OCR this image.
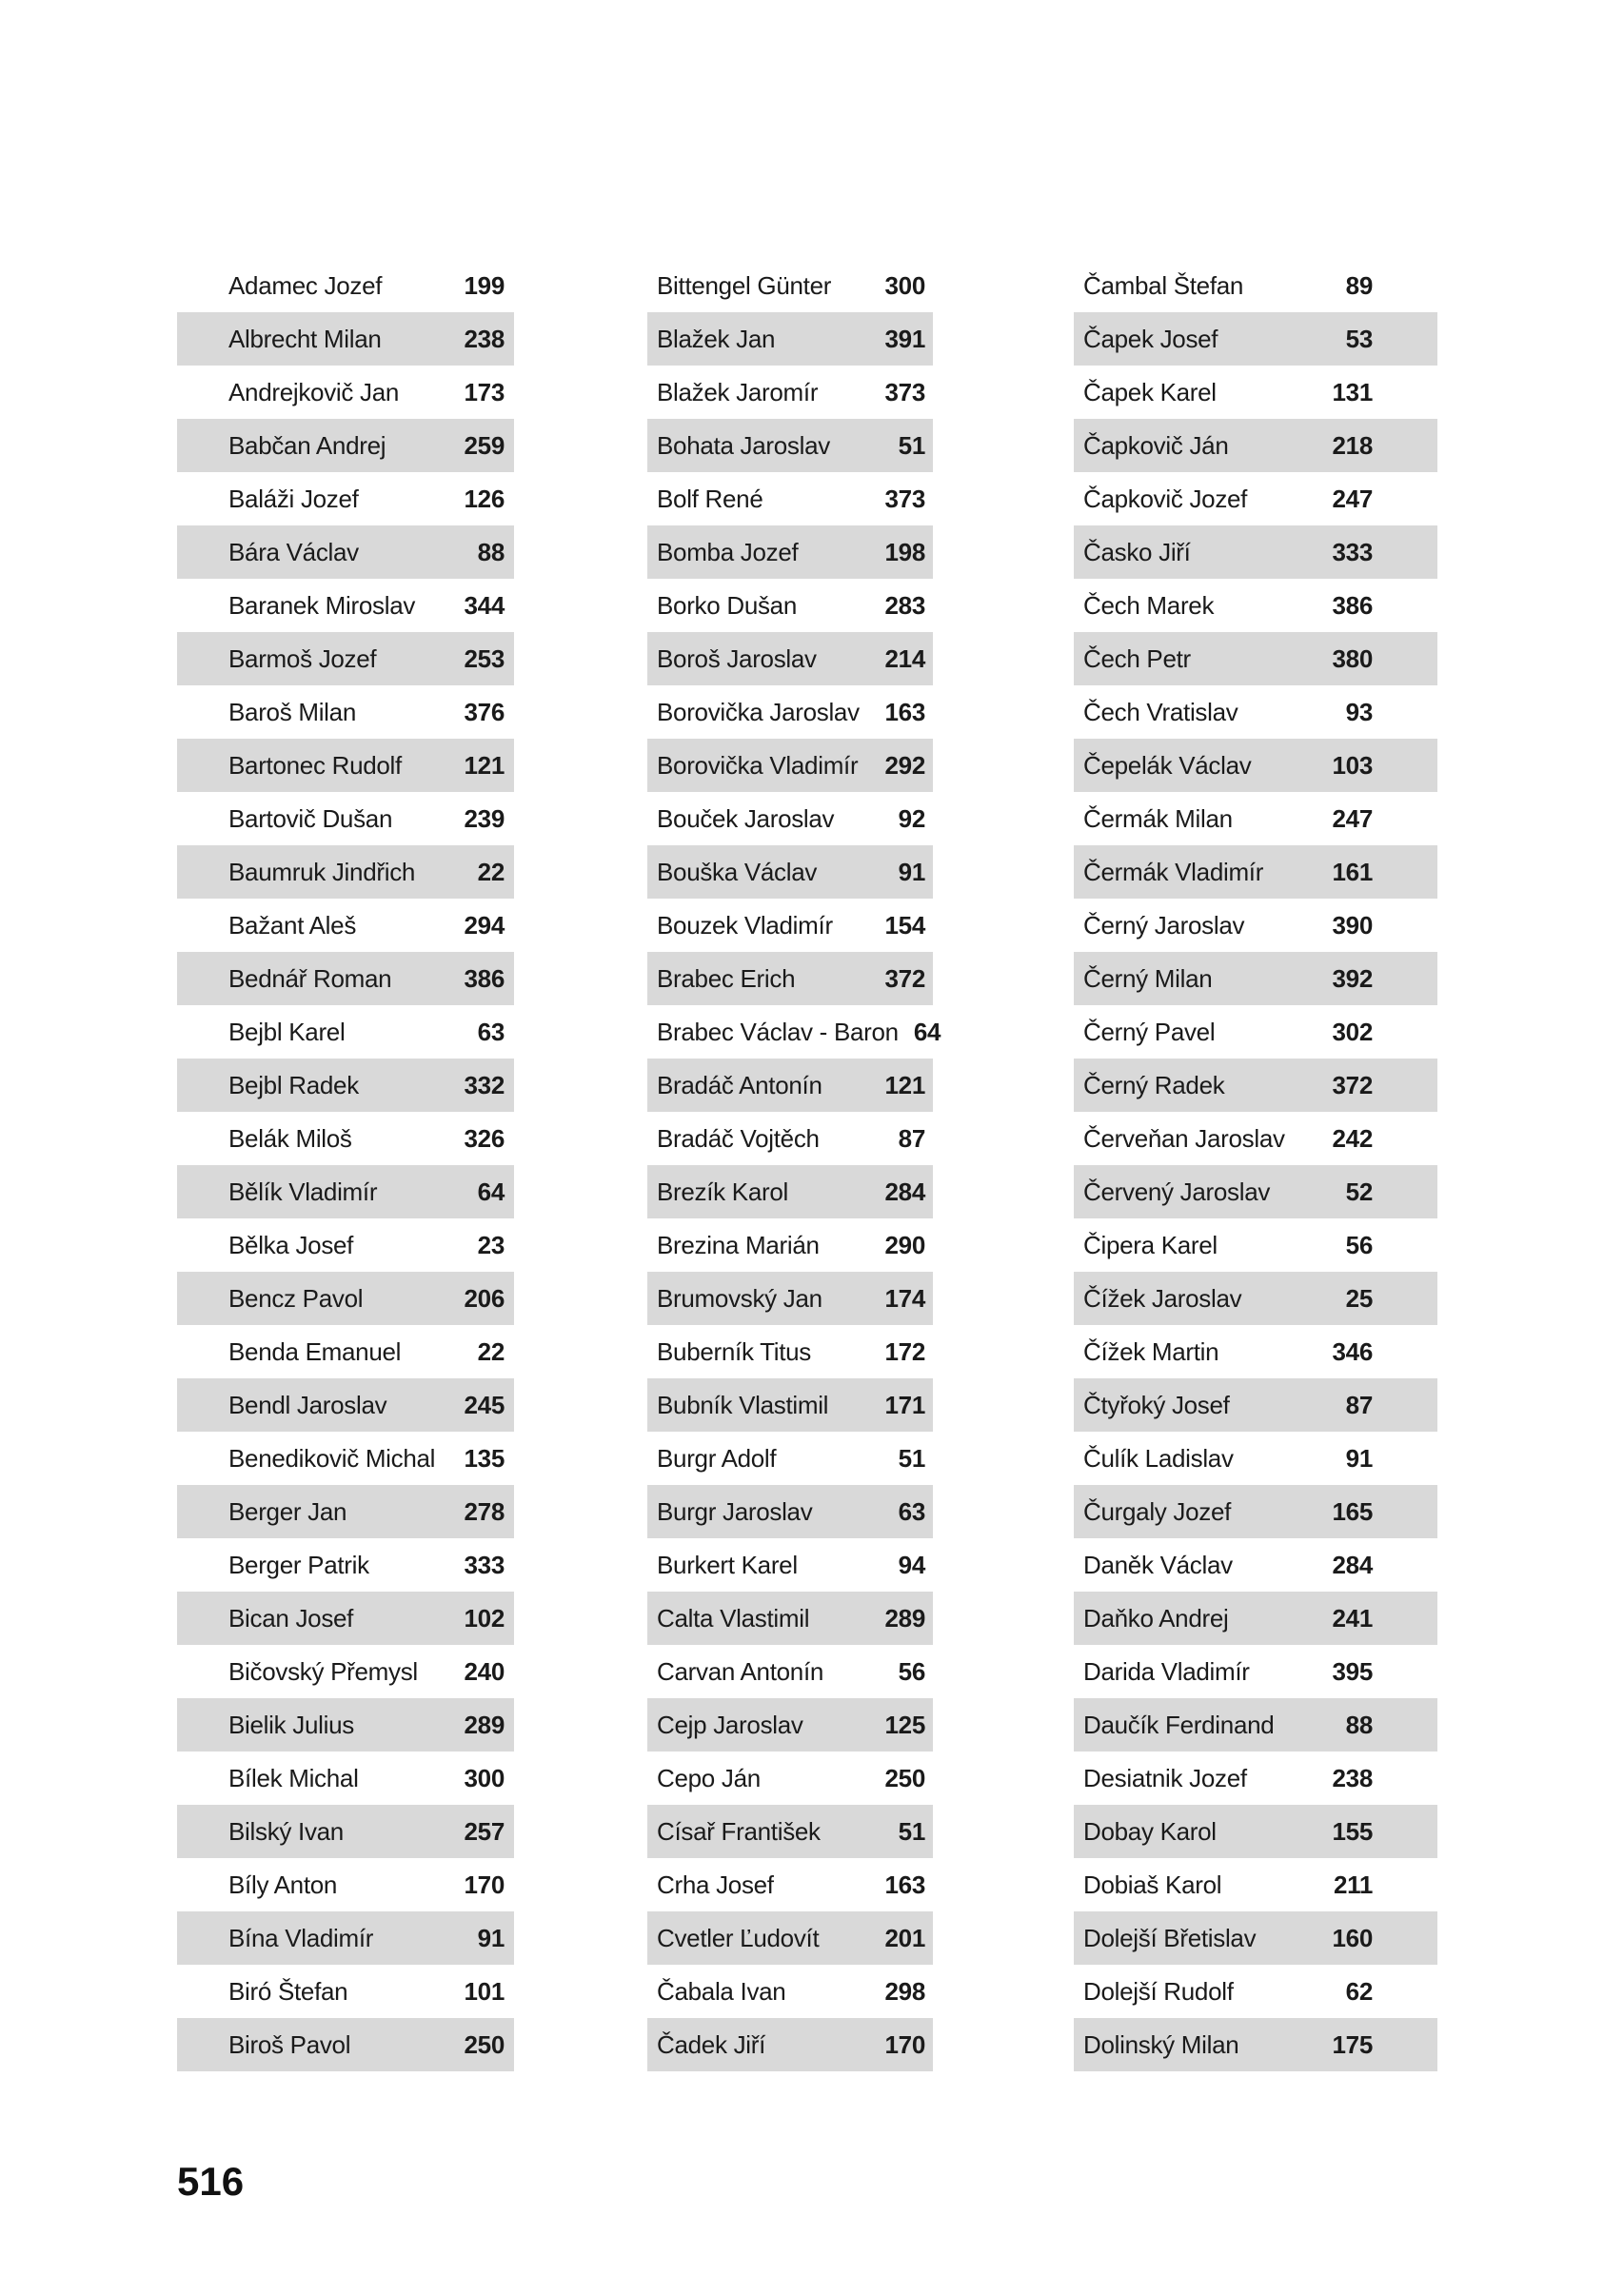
Adamec Jozef	199
Albrecht Milan	238
Andrejkovič Jan	173
Babčan Andrej	259
Baláži Jozef	126
Bára Václav	88
Baranek Miroslav 344
Barmoš Jozef	253
Baroš Milan	376
Bartonec Rudolf	121
Bartovič Dušan	239
Baumruk Jindřich	22
Bažant Aleš	294
Bednář Roman	386
Bejbl Karel	63
Bejbl Radek	332
Belák Miloš	326
Bělík Vladimír	64
Bělka Josef	23
Bencz Pavol	206
Benda Emanuel	22
Bendl Jaroslav	245
Benedikovič Michal 135
Berger Jan	278
Berger Patrik	333
Bican Josef	102
Bičovský Přemysl 240
Bielik Julius	289
Bílek Michal	300
Bilský Ivan	257
Bíly Anton	170
Bína Vladimír	91
Biró Štefan	101
Biroš Pavol	250
Bittengel Günter 300
Blažek Jan	391
Blažek Jaromír	373
Bohata Jaroslav	51
Bolf René	373
Bomba Jozef	198
Borko Dušan	283
Boroš Jaroslav	214
Borovička Jaroslav 163
Borovička Vladimír 292
Bouček Jaroslav	92
Bouška Václav	91
Bouzek Vladimír 154
Brabec Erich	372
Brabec Václav - Baron 64
Bradáč Antonín	121
Bradáč Vojtěch	87
Brezík Karol	284
Brezina Marián	290
Brumovský Jan	174
Buberník Titus	172
Bubník Vlastimil 171
Burgr Adolf	51
Burgr Jaroslav	63
Burkert Karel	94
Calta Vlastimil	289
Carvan Antonín	56
Cejp Jaroslav	125
Cepo Ján	250
Císař František	51
Crha Josef	163
Cvetler Ľudovít	201
Čabala Ivan	298
Čadek Jiří	170
Čambal Štefan	89
Čapek Josef	53
Čapek Karel	131
Čapkovič Ján	218
Čapkovič Jozef	247
Časko Jiří	333
Čech Marek	386
Čech Petr	380
Čech Vratislav	93
Čepelák Václav	103
Čermák Milan	247
Čermák Vladimír	161
Černý Jaroslav	390
Černý Milan	392
Černý Pavel	302
Černý Radek	372
Červeňan Jaroslav 242
Červený Jaroslav	52
Čipera Karel	56
Čížek Jaroslav	25
Čížek Martin	346
Čtyřoký Josef	87
Čulík Ladislav	91
Čurgaly Jozef	165
Daněk Václav	284
Daňko Andrej	241
Darida Vladimír	395
Daučík Ferdinand	88
Desiatnik Jozef	238
Dobay Karol	155
Dobiaš Karol	211
Dolejší Břetislav	160
Dolejší Rudolf	62
Dolinský Milan	175
516
